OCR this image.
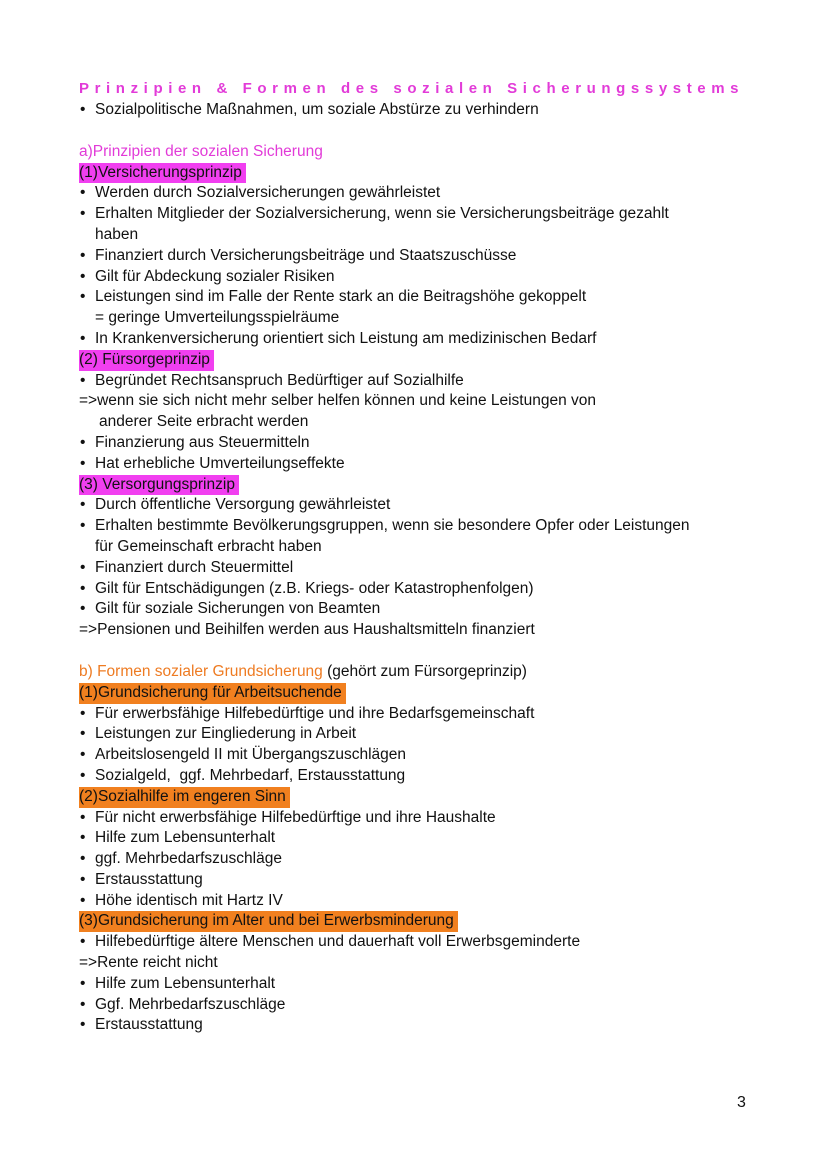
Prinzipien & Formen des sozialen Sicherungssystems
• Sozialpolitische Maßnahmen, um soziale Abstürze zu verhindern
a)Prinzipien der sozialen Sicherung
(1)Versicherungsprinzip
• Werden durch Sozialversicherungen gewährleistet
• Erhalten Mitglieder der Sozialversicherung, wenn sie Versicherungsbeiträge gezahlt
haben
• Finanziert durch Versicherungsbeiträge und Staatszuschüsse
• Gilt für Abdeckung sozialer Risiken
• Leistungen sind im Falle der Rente stark an die Beitragshöhe gekoppelt
= geringe Umverteilungsspielräume
• In Krankenversicherung orientiert sich Leistung am medizinischen Bedarf
(2) Fürsorgeprinzip
• Begründet Rechtsanspruch Bedürftiger auf Sozialhilfe
=>wenn sie sich nicht mehr selber helfen können und keine Leistungen von
anderer Seite erbracht werden
• Finanzierung aus Steuermitteln
• Hat erhebliche Umverteilungseffekte
(3) Versorgungsprinzip
• Durch öffentliche Versorgung gewährleistet
• Erhalten bestimmte Bevölkerungsgruppen, wenn sie besondere Opfer oder Leistungen
für Gemeinschaft erbracht haben
• Finanziert durch Steuermittel
• Gilt für Entschädigungen (z.B. Kriegs- oder Katastrophenfolgen)
• Gilt für soziale Sicherungen von Beamten
=>Pensionen und Beihilfen werden aus Haushaltsmitteln finanziert
b) Formen sozialer Grundsicherung (gehört zum Fürsorgeprinzip)
(1)Grundsicherung für Arbeitsuchende
• Für erwerbsfähige Hilfebedürftige und ihre Bedarfsgemeinschaft
• Leistungen zur Eingliederung in Arbeit
• Arbeitslosengeld II mit Übergangszuschlägen
• Sozialgeld,  ggf. Mehrbedarf, Erstausstattung
(2)Sozialhilfe im engeren Sinn
• Für nicht erwerbsfähige Hilfebedürftige und ihre Haushalte
• Hilfe zum Lebensunterhalt
• ggf. Mehrbedarfszuschläge
• Erstausstattung
• Höhe identisch mit Hartz IV
(3)Grundsicherung im Alter und bei Erwerbsminderung
• Hilfebedürftige ältere Menschen und dauerhaft voll Erwerbsgeminderte
=>Rente reicht nicht
• Hilfe zum Lebensunterhalt
• Ggf. Mehrbedarfszuschläge
• Erstausstattung
3
